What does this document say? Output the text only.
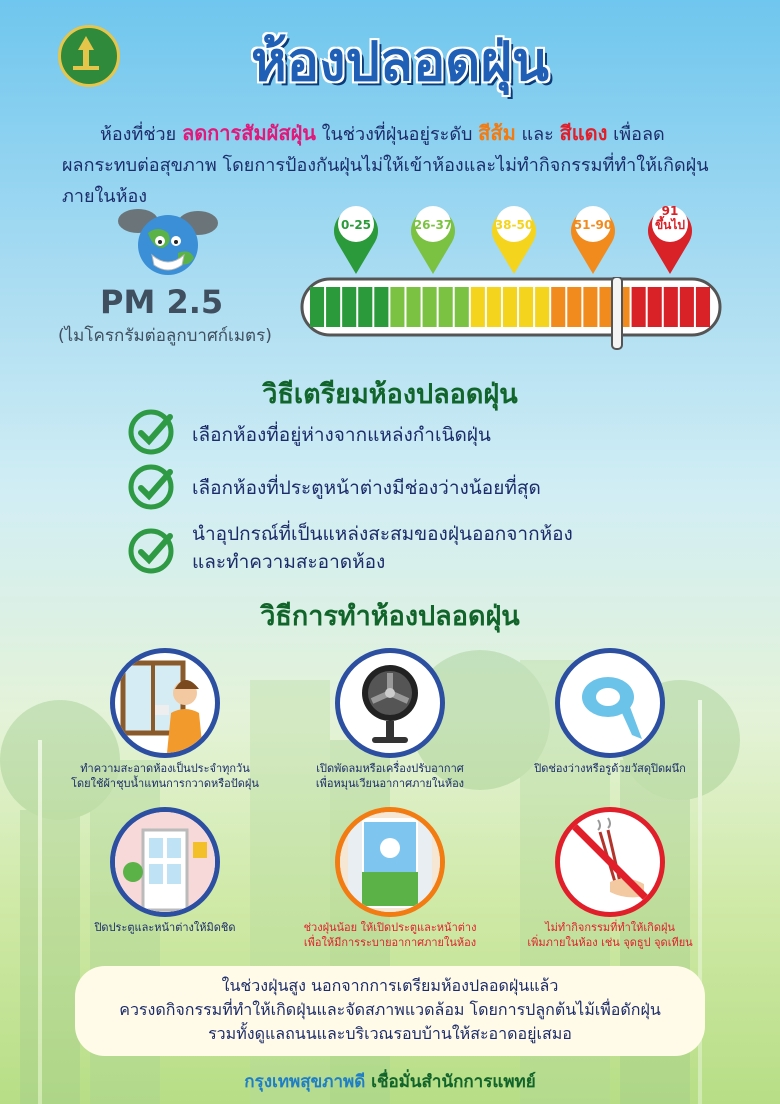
ห้องปลอดฝุ่น

ห้องที่ช่วย ลดการสัมผัสฝุ่น ในช่วงที่ฝุ่นอยู่ระดับ สีส้ม และ สีแดง เพื่อลด

ผลกระทบต่อสุขภาพ โดยการป้องกันฝุ่นไม่ให้เข้าห้องและไม่ทำกิจกรรมที่ทำให้เกิดฝุ่น

ภายในห้อง

PM 2.5
(ไมโครกรัมต่อลูกบาศก์เมตร)
0-25	26-37	38-50	51-90
91
ขึ้นไป
วิธีเตรียมห้องปลอดฝุ่น
เลือกห้องที่อยู่ห่างจากแหล่งกำเนิดฝุ่น
เลือกห้องที่ประตูหน้าต่างมีช่องว่างน้อยที่สุด
นำอุปกรณ์ที่เป็นแหล่งสะสมของฝุ่นออกจากห้อง
และทำความสะอาดห้อง
วิธีการทำห้องปลอดฝุ่น
ทำความสะอาดห้องเป็นประจำทุกวัน
โดยใช้ผ้าชุบน้ำแทนการกวาดหรือปัดฝุ่น
เปิดพัดลมหรือเครื่องปรับอากาศ
เพื่อหมุนเวียนอากาศภายในห้อง
ปิดช่องว่างหรือรูด้วยวัสดุปิดผนึก
ปิดประตูและหน้าต่างให้มิดชิด	ช่วงฝุ่นน้อย ให้เปิดประตูและหน้าต่าง
เพื่อให้มีการระบายอากาศภายในห้อง
ไม่ทำกิจกรรมที่ทำให้เกิดฝุ่น
เพิ่มภายในห้อง เช่น จุดธูป จุดเทียน

ในช่วงฝุ่นสูง นอกจากการเตรียมห้องปลอดฝุ่นแล้ว

ควรงดกิจกรรมที่ทำให้เกิดฝุ่นและจัดสภาพแวดล้อม โดยการปลูกต้นไม้เพื่อดักฝุ่น

รวมทั้งดูแลถนนและบริเวณรอบบ้านให้สะอาดอยู่เสมอ

กรุงเทพสุขภาพดี เชื่อมั่นสำนักการแพทย์
